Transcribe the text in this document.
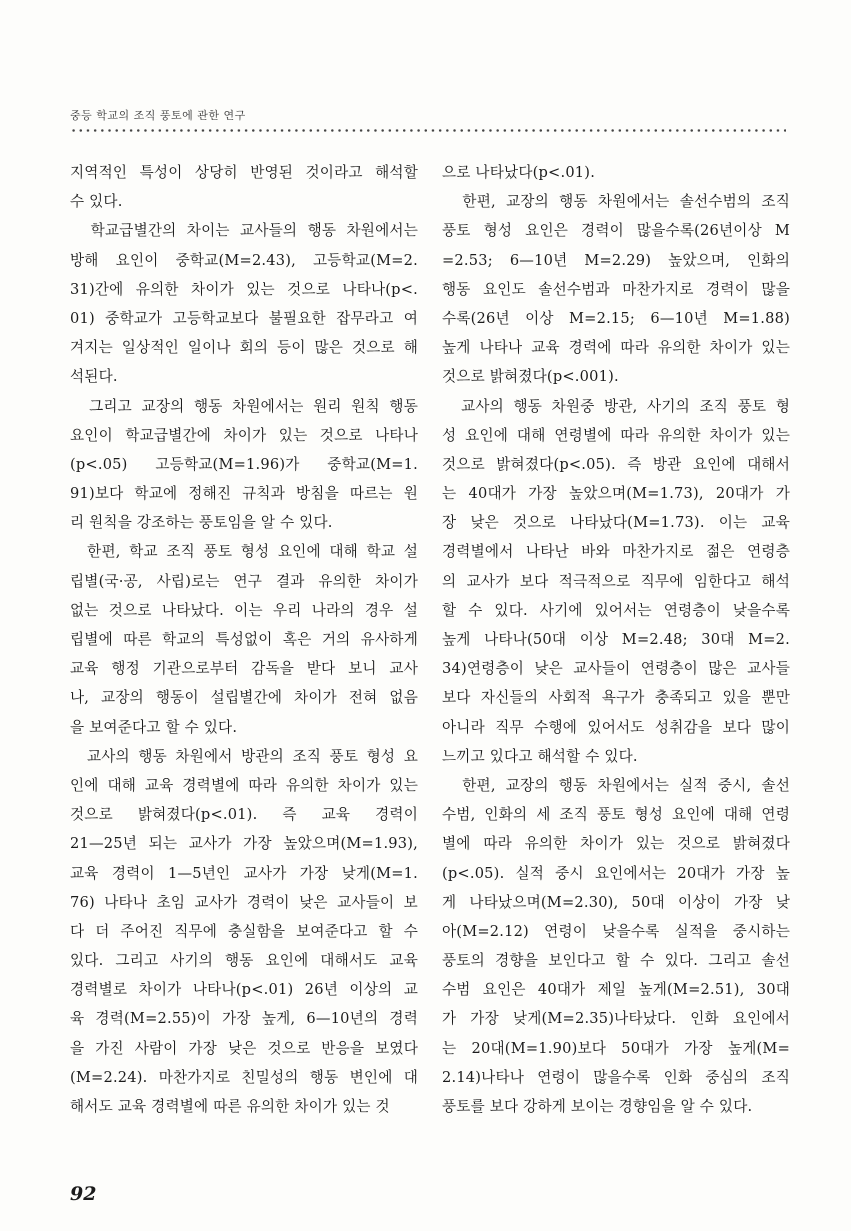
중등 학교의 조직 풍토에 관한 연구
지역적인 특성이 상당히 반영된 것이라고 해석할
수 있다.
학교급별간의 차이는 교사들의 행동 차원에서는
방해 요인이 중학교(M=2.43), 고등학교(M=2.
31)간에 유의한 차이가 있는 것으로 나타나(p<.
01) 중학교가 고등학교보다 불필요한 잡무라고 여
겨지는 일상적인 일이나 회의 등이 많은 것으로 해
석된다.
그리고 교장의 행동 차원에서는 원리 원칙 행동
요인이 학교급별간에 차이가 있는 것으로 나타나
(p<.05) 고등학교(M=1.96)가 중학교(M=1.
91)보다 학교에 정해진 규칙과 방침을 따르는 원
리 원칙을 강조하는 풍토임을 알 수 있다.
한편, 학교 조직 풍토 형성 요인에 대해 학교 설
립별(국·공, 사립)로는 연구 결과 유의한 차이가
없는 것으로 나타났다. 이는 우리 나라의 경우 설
립별에 따른 학교의 특성없이 혹은 거의 유사하게
교육 행정 기관으로부터 감독을 받다 보니 교사
나, 교장의 행동이 설립별간에 차이가 전혀 없음
을 보여준다고 할 수 있다.
교사의 행동 차원에서 방관의 조직 풍토 형성 요
인에 대해 교육 경력별에 따라 유의한 차이가 있는
것으로 밝혀졌다(p<.01). 즉 교육 경력이
21—25년 되는 교사가 가장 높았으며(M=1.93),
교육 경력이 1—5년인 교사가 가장 낮게(M=1.
76) 나타나 초임 교사가 경력이 낮은 교사들이 보
다 더 주어진 직무에 충실함을 보여준다고 할 수
있다. 그리고 사기의 행동 요인에 대해서도 교육
경력별로 차이가 나타나(p<.01) 26년 이상의 교
육 경력(M=2.55)이 가장 높게, 6—10년의 경력
을 가진 사람이 가장 낮은 것으로 반응을 보였다
(M=2.24). 마찬가지로 친밀성의 행동 변인에 대
해서도 교육 경력별에 따른 유의한 차이가 있는 것
으로 나타났다(p<.01).
한편, 교장의 행동 차원에서는 솔선수범의 조직
풍토 형성 요인은 경력이 많을수록(26년이상 M
=2.53; 6—10년 M=2.29) 높았으며, 인화의
행동 요인도 솔선수범과 마찬가지로 경력이 많을
수록(26년 이상 M=2.15; 6—10년 M=1.88)
높게 나타나 교육 경력에 따라 유의한 차이가 있는
것으로 밝혀졌다(p<.001).
교사의 행동 차원중 방관, 사기의 조직 풍토 형
성 요인에 대해 연령별에 따라 유의한 차이가 있는
것으로 밝혀졌다(p<.05). 즉 방관 요인에 대해서
는 40대가 가장 높았으며(M=1.73), 20대가 가
장 낮은 것으로 나타났다(M=1.73). 이는 교육
경력별에서 나타난 바와 마찬가지로 젊은 연령층
의 교사가 보다 적극적으로 직무에 임한다고 해석
할 수 있다. 사기에 있어서는 연령층이 낮을수록
높게 나타나(50대 이상 M=2.48; 30대 M=2.
34)연령층이 낮은 교사들이 연령층이 많은 교사들
보다 자신들의 사회적 욕구가 충족되고 있을 뿐만
아니라 직무 수행에 있어서도 성취감을 보다 많이
느끼고 있다고 해석할 수 있다.
한편, 교장의 행동 차원에서는 실적 중시, 솔선
수범, 인화의 세 조직 풍토 형성 요인에 대해 연령
별에 따라 유의한 차이가 있는 것으로 밝혀졌다
(p<.05). 실적 중시 요인에서는 20대가 가장 높
게 나타났으며(M=2.30), 50대 이상이 가장 낮
아(M=2.12) 연령이 낮을수록 실적을 중시하는
풍토의 경향을 보인다고 할 수 있다. 그리고 솔선
수범 요인은 40대가 제일 높게(M=2.51), 30대
가 가장 낮게(M=2.35)나타났다. 인화 요인에서
는 20대(M=1.90)보다 50대가 가장 높게(M=
2.14)나타나 연령이 많을수록 인화 중심의 조직
풍토를 보다 강하게 보이는 경향임을 알 수 있다.
92
